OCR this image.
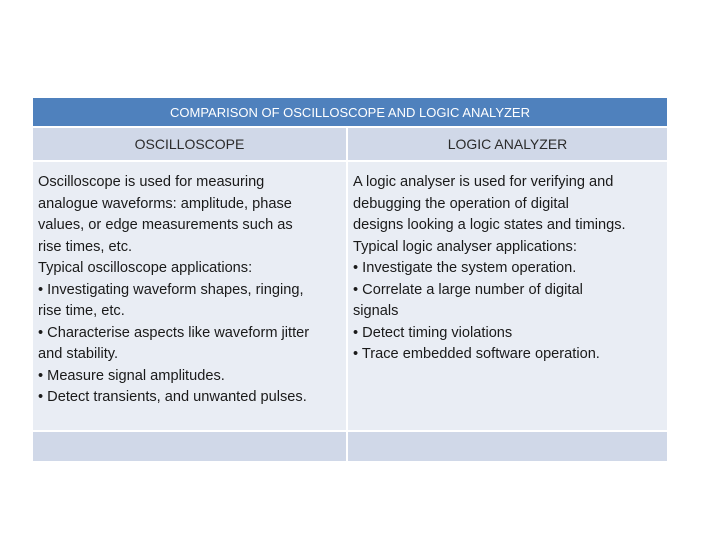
COMPARISON OF OSCILLOSCOPE AND LOGIC ANALYZER
OSCILLOSCOPE	LOGIC ANALYZER
Oscilloscope is used for measuring
analogue waveforms: amplitude, phase
values, or edge measurements such as
rise times, etc.
Typical oscilloscope applications:
• Investigating waveform shapes, ringing,
rise time, etc.
• Characterise aspects like waveform jitter
and stability.
• Measure signal amplitudes.
• Detect transients, and unwanted pulses.
A logic analyser is used for verifying and
debugging the operation of digital
designs looking a logic states and timings.
Typical logic analyser applications:
• Investigate the system operation.
• Correlate a large number of digital
signals
• Detect timing violations
• Trace embedded software operation.
